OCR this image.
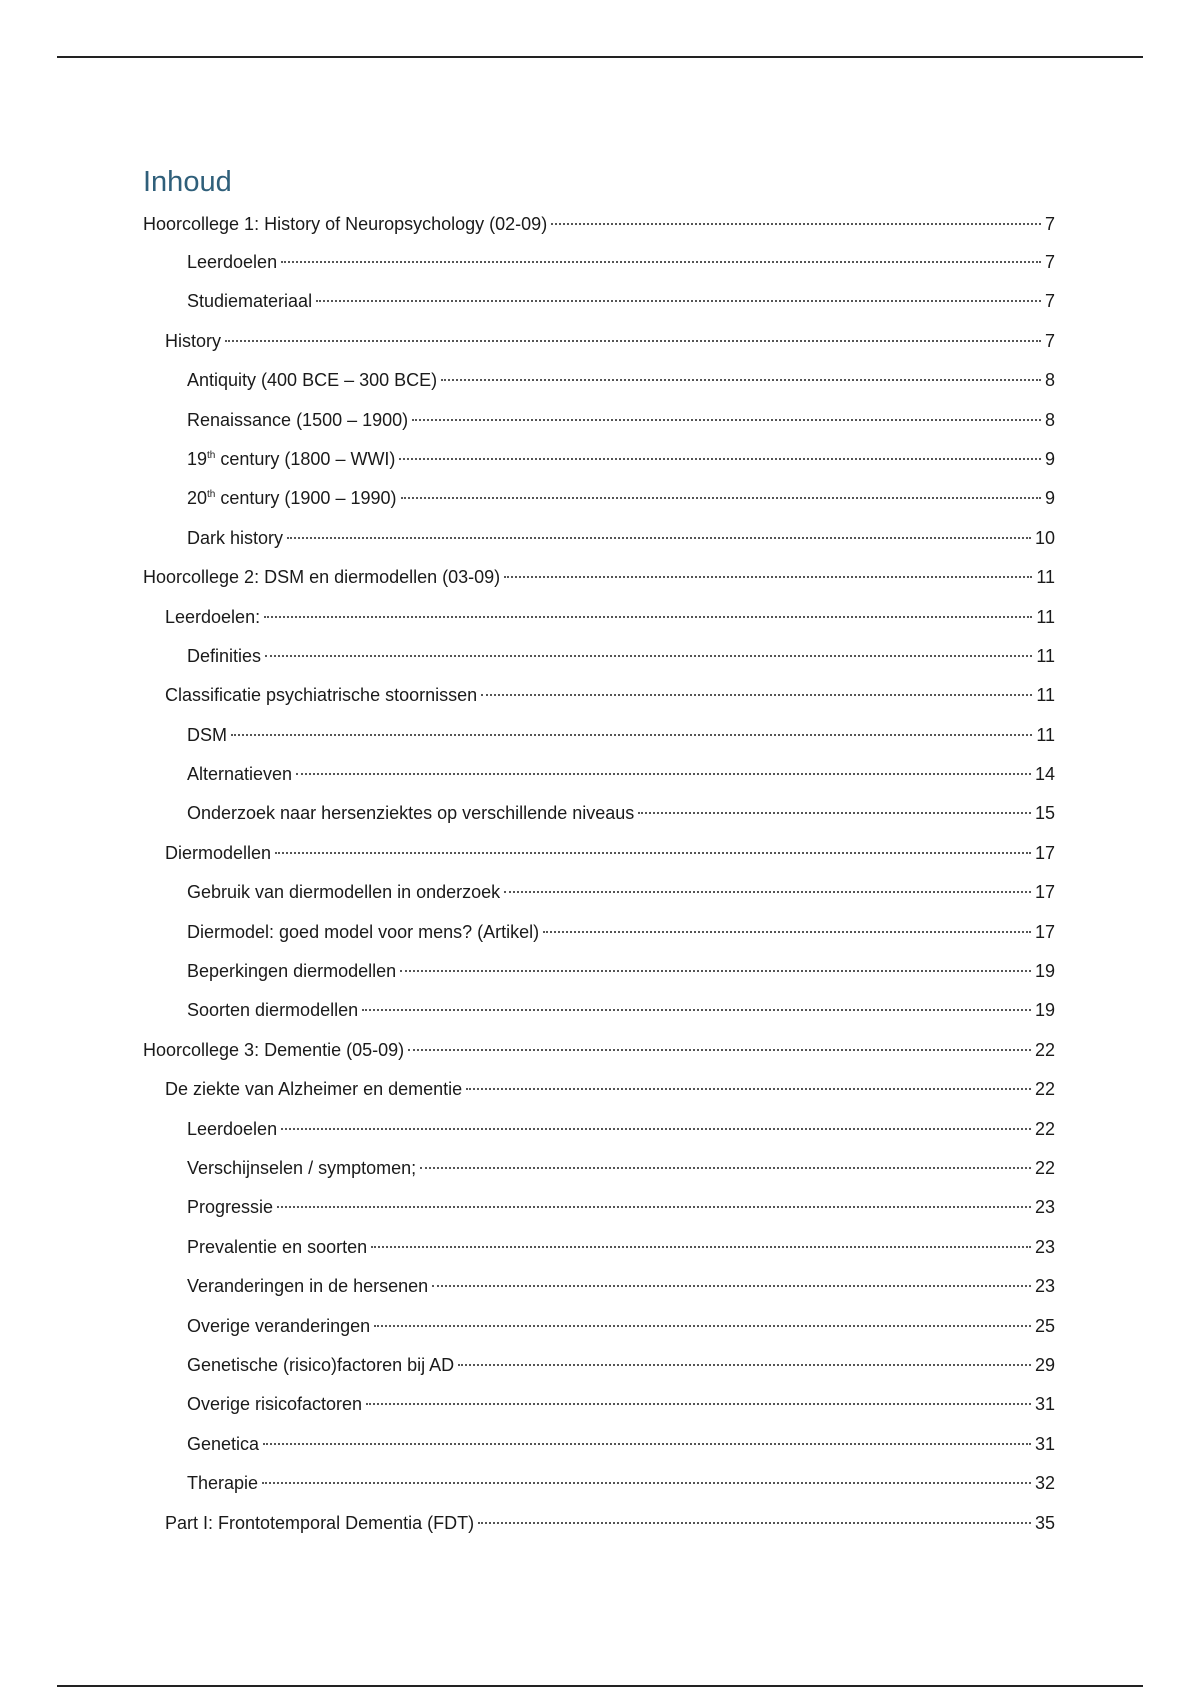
Inhoud
Hoorcollege 1: History of Neuropsychology (02-09)	7
Leerdoelen	7
Studiemateriaal	7
History	7
Antiquity (400 BCE – 300 BCE)	8
Renaissance (1500 – 1900)	8
19th century (1800 – WWI)	9
20th century (1900 – 1990)	9
Dark history	10
Hoorcollege 2: DSM en diermodellen (03-09)	11
Leerdoelen:	11
Definities	11
Classificatie psychiatrische stoornissen	11
DSM	11
Alternatieven	14
Onderzoek naar hersenziektes op verschillende niveaus	15
Diermodellen	17
Gebruik van diermodellen in onderzoek	17
Diermodel: goed model voor mens? (Artikel)	17
Beperkingen diermodellen	19
Soorten diermodellen	19
Hoorcollege 3: Dementie (05-09)	22
De ziekte van Alzheimer en dementie	22
Leerdoelen	22
Verschijnselen / symptomen;	22
Progressie	23
Prevalentie en soorten	23
Veranderingen in de hersenen	23
Overige veranderingen	25
Genetische (risico)factoren bij AD	29
Overige risicofactoren	31
Genetica	31
Therapie	32
Part I: Frontotemporal Dementia (FDT)	35
